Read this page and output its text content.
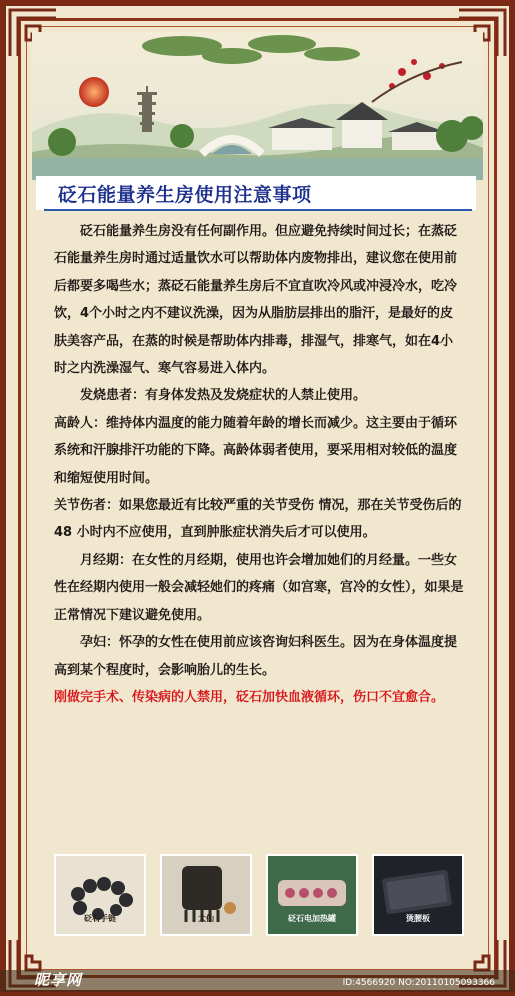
砭石能量养生房使用注意事项

砭石能量养生房没有任何副作用。但应避免持续时间过长；在蒸砭石能量养生房时通过适量饮水可以帮助体内废物排出，建议您在使用前后都要多喝些水；蒸砭石能量养生房后不宜直吹冷风或冲浸冷水，吃冷饮，4个小时之内不建议洗澡，因为从脂肪层排出的脂汗，是最好的皮肤美容产品，在蒸的时候是帮助体内排毒，排湿气，排寒气，如在4小时之内洗澡湿气、寒气容易进入体内。

发烧患者：有身体发热及发烧症状的人禁止使用。

高龄人：维持体内温度的能力随着年龄的增长而减少。这主要由于循环系统和汗腺排汗功能的下降。高龄体弱者使用，要采用相对较低的温度和缩短使用时间。

关节伤者：如果您最近有比较严重的关节受伤 情况，那在关节受伤后的 48 小时内不应使用，直到肿胀症状消失后才可以使用。

月经期：在女性的月经期，使用也许会增加她们的月经量。一些女性在经期内使用一般会减轻她们的疼痛（如宫寒，宫冷的女性），如果是正常情况下建议避免使用。

孕妇：怀孕的女性在使用前应该咨询妇科医生。因为在身体温度提高到某个程度时，会影响胎儿的生长。

刚做完手术、传染病的人禁用，砭石加快血液循环，伤口不宜愈合。

砭石手链	大仙	砭石电加热罐	烫腰板
昵享网	ID:4566920 NO:20110105093366
